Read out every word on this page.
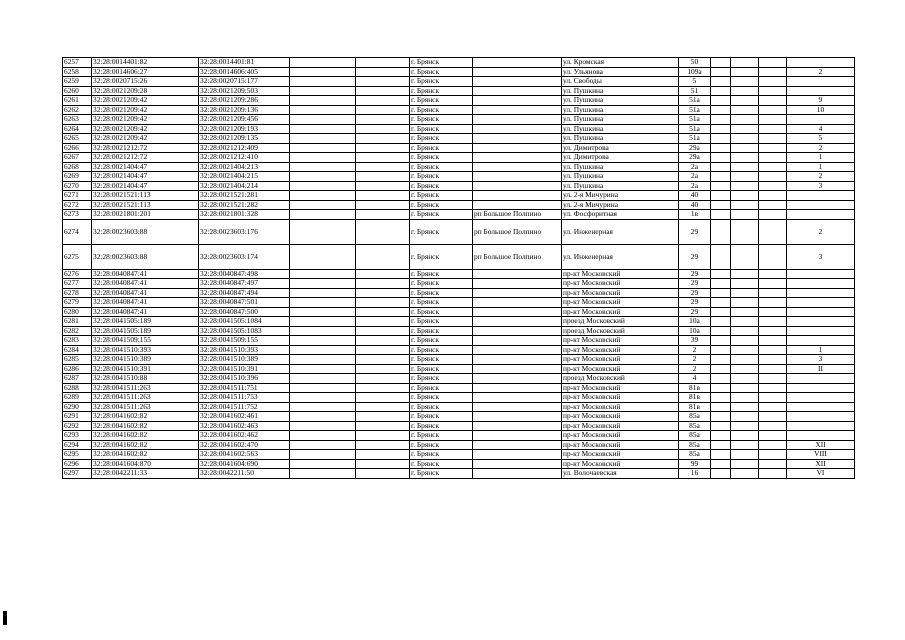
6257	32:28:0014401:82	32:28:0014401:81			г. Брянск		ул. Кромская	50				
6258	32:28:0014606:27	32:28:0014606:405			г. Брянск		ул. Ульянова	109а				2
6259	32:28:0020715:26	32:28:0020715:177			г. Брянск		ул. Свободы	5				
6260	32:28:0021209:28	32:28:0021209:503			г. Брянск		ул. Пушкина	51				
6261	32:28:0021209:42	32:28:0021209:286			г. Брянск		ул. Пушкина	51а				9
6262	32:28:0021209:42	32:28:0021209:136			г. Брянск		ул. Пушкина	51а				10
6263	32:28:0021209:42	32:28:0021209:456			г. Брянск		ул. Пушкина	51а				
6264	32:28:0021209:42	32:28:0021209:193			г. Брянск		ул. Пушкина	51а				4
6265	32:28:0021209:42	32:28:0021209:135			г. Брянск		ул. Пушкина	51а				5
6266	32:28:0021212:72	32:28:0021212:409			г. Брянск		ул. Димитрова	29а				2
6267	32:28:0021212:72	32:28:0021212:410			г. Брянск		ул. Димитрова	29а				1
6268	32:28:0021404:47	32:28:0021404:213			г. Брянск		ул. Пушкина	2а				1
6269	32:28:0021404:47	32:28:0021404:215			г. Брянск		ул. Пушкина	2а				2
6270	32:28:0021404:47	32:28:0021404:214			г. Брянск		ул. Пушкина	2а				3
6271	32:28:0021521:113	32:28:0021521:281			г. Брянск		ул. 2-я Мичурина	40				
6272	32:28:0021521:113	32:28:0021521:282			г. Брянск		ул. 2-я Мичурина	40				
6273	32:28:0021801:201	32:28:0021801:328			г. Брянск	рп Большое Полпино	ул. Фосфоритная	1в				
6274	32:28:0023603:88	32:28:0023603:176			г. Брянск	рп Большое Полпино	ул. Инженерная	29				2
6275	32:28:0023603:88	32:28:0023603:174			г. Брянск	рп Большое Полпино	ул. Инженерная	29				3
6276	32:28:0040847:41	32:28:0040847:498			г. Брянск		пр-кт Московский	29				
6277	32:28:0040847:41	32:28:0040847:497			г. Брянск		пр-кт Московский	29				
6278	32:28:0040847:41	32:28:0040847:494			г. Брянск		пр-кт Московский	29				
6279	32:28:0040847:41	32:28:0040847:501			г. Брянск		пр-кт Московский	29				
6280	32:28:0040847:41	32:28:0040847:500			г. Брянск		пр-кт Московский	29				
6281	32:28:0041505:189	32:28:0041505:1084			г. Брянск		проезд Московский	10а				
6282	32:28:0041505:189	32:28:0041505:1083			г. Брянск		проезд Московский	10а				
6283	32:28:0041509:155	32:28:0041509:155			г. Брянск		пр-кт Московский	39				
6284	32:28:0041510:393	32:28:0041510:393			г. Брянск		пр-кт Московский	2				1
6285	32:28:0041510:389	32:28:0041510:389			г. Брянск		пр-кт Московский	2				3
6286	32:28:0041510:391	32:28:0041510:391			г. Брянск		пр-кт Московский	2				II
6287	32:28:0041510:88	32:28:0041510:396			г. Брянск		проезд Московский	4				
6288	32:28:0041511:263	32:28:0041511:751			г. Брянск		пр-кт Московский	81в				
6289	32:28:0041511:263	32:28:0041511:753			г. Брянск		пр-кт Московский	81в				
6290	32:28:0041511:263	32:28:0041511:752			г. Брянск		пр-кт Московский	81в				
6291	32:28:0041602:82	32:28:0041602:461			г. Брянск		пр-кт Московский	85а				
6292	32:28:0041602:82	32:28:0041602:463			г. Брянск		пр-кт Московский	85а				
6293	32:28:0041602:82	32:28:0041602:462			г. Брянск		пр-кт Московский	85а				
6294	32:28:0041602:82	32:28:0041602:470			г. Брянск		пр-кт Московский	85а				XII
6295	32:28:0041602:82	32:28:0041602:563			г. Брянск		пр-кт Московский	85а				VIII
6296	32:28:0041604:870	32:28:0041604:690			г. Брянск		пр-кт Московский	99				XII
6297	32:28:0042211:33	32:28:0042211:50			г. Брянск		ул. Волочаевская	16				VI
